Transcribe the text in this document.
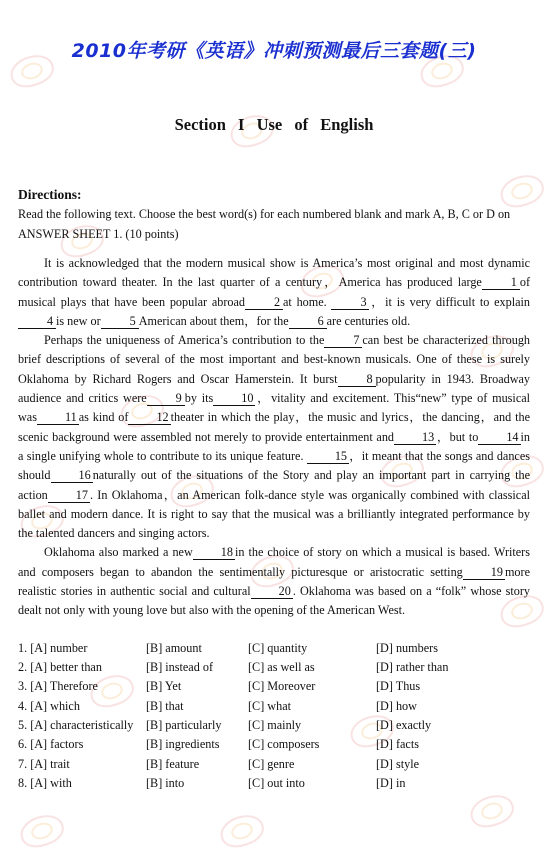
2010年考研《英语》冲刺预测最后三套题(三)
Section I Use of English
Directions:
Read the following text. Choose the best word(s) for each numbered blank and mark A, B, C or D on ANSWER SHEET 1. (10 points)

It is acknowledged that the modern musical show is America’s most original and most dynamic contribution toward theater. In the last quarter of a century，America has produced large 1 of musical plays that have been popular abroad 2 at home. 3 ，it is very difficult to explain4 is new or 5 American about them，for the 6 are centuries old.

Perhaps the uniqueness of America’s contribution to the 7 can best be characterized through brief descriptions of several of the most important and best-known musicals. One of these is surely Oklahoma by Richard Rogers and Oscar Hamerstein. It burst 8 popularity in 1943. Broadway audience and critics were 9 by its 10 ，vitality and excitement. This“new” type of musical was 11 as kind of 12 theater in which the play，the music and lyrics，the dancing，and the scenic background were assembled not merely to provide entertainment and 13 ，but to 14 in a single unifying whole to contribute to its unique feature. 15 ，it meant that the songs and dances should 16 naturally out of the situations of the Story and play an important part in carrying the action 17 . In Oklahoma，an American folk-dance style was organically combined with classical ballet and modern dance. It is right to say that the musical was a brilliantly integrated performance by the talented dancers and singing actors.

Oklahoma also marked a new 18 in the choice of story on which a musical is based. Writers and composers began to abandon the sentimentally picturesque or aristocratic setting 19 more realistic stories in authentic social and cultural 20 . Oklahoma was based on a “folk” whose story dealt not only with young love but also with the opening of the American West.

1. [A] number	[B] amount	[C] quantity	[D] numbers
2. [A] better than	[B] instead of	[C] as well as	[D] rather than
3. [A] Therefore	[B] Yet	[C] Moreover	[D] Thus
4. [A] which	[B] that	[C] what	[D] how
5. [A] characteristically	[B] particularly	[C] mainly	[D] exactly
6. [A] factors	[B] ingredients	[C] composers	[D] facts
7. [A] trait	[B] feature	[C] genre	[D] style
8. [A] with	[B] into	[C] out into	[D] in
